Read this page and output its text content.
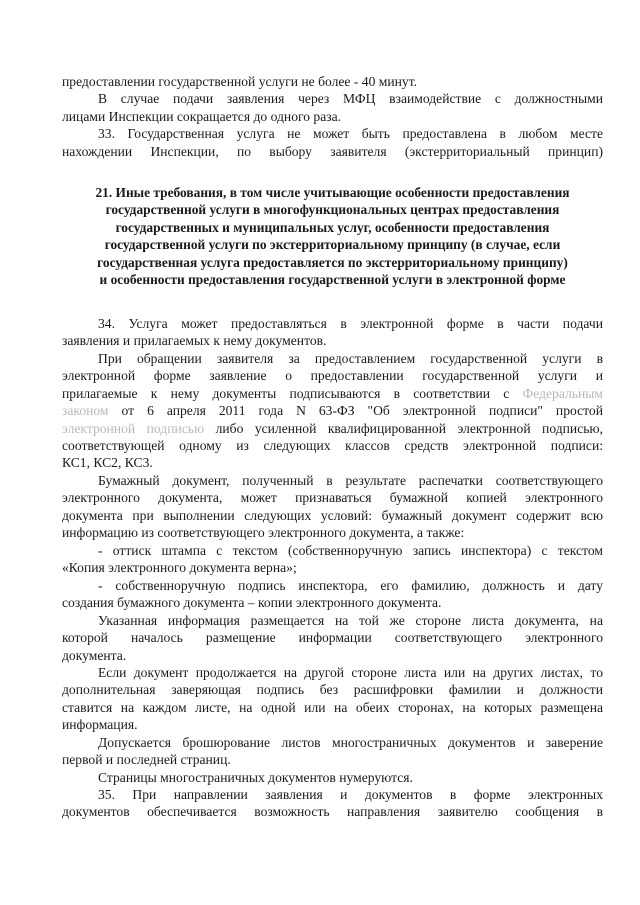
предоставлении государственной услуги не более - 40 минут.
В случае подачи заявления через МФЦ взаимодействие с должностными
лицами Инспекции сокращается до одного раза.
33. Государственная услуга не может быть предоставлена в любом месте
нахождении Инспекции, по выбору заявителя (экстерриториальный принцип)
21. Иные требования, в том числе учитывающие особенности предоставления
государственной услуги в многофункциональных центрах предоставления
государственных и муниципальных услуг, особенности предоставления
государственной услуги по экстерриториальному принципу (в случае, если
государственная услуга предоставляется по экстерриториальному принципу)
и особенности предоставления государственной услуги в электронной форме
34. Услуга может предоставляться в электронной форме в части подачи
заявления и прилагаемых к нему документов.
При обращении заявителя за предоставлением государственной услуги в
электронной форме заявление о предоставлении государственной услуги и
прилагаемые к нему документы подписываются в соответствии с Федеральным
законом от 6 апреля 2011 года N 63-ФЗ "Об электронной подписи" простой
электронной подписью либо усиленной квалифицированной электронной подписью,
соответствующей одному из следующих классов средств электронной подписи:
КС1, КС2, КС3.
Бумажный документ, полученный в результате распечатки соответствующего
электронного документа, может признаваться бумажной копией электронного
документа при выполнении следующих условий: бумажный документ содержит всю
информацию из соответствующего электронного документа, а также:
- оттиск штампа с текстом (собственноручную запись инспектора) с текстом
«Копия электронного документа верна»;
- собственноручную подпись инспектора, его фамилию, должность и дату
создания бумажного документа – копии электронного документа.
Указанная информация размещается на той же стороне листа документа, на
которой началось размещение информации соответствующего электронного
документа.
Если документ продолжается на другой стороне листа или на других листах, то
дополнительная заверяющая подпись без расшифровки фамилии и должности
ставится на каждом листе, на одной или на обеих сторонах, на которых размещена
информация.
Допускается брошюрование листов многостраничных документов и заверение
первой и последней страниц.
Страницы многостраничных документов нумеруются.
35. При направлении заявления и документов в форме электронных
документов обеспечивается возможность направления заявителю сообщения в
